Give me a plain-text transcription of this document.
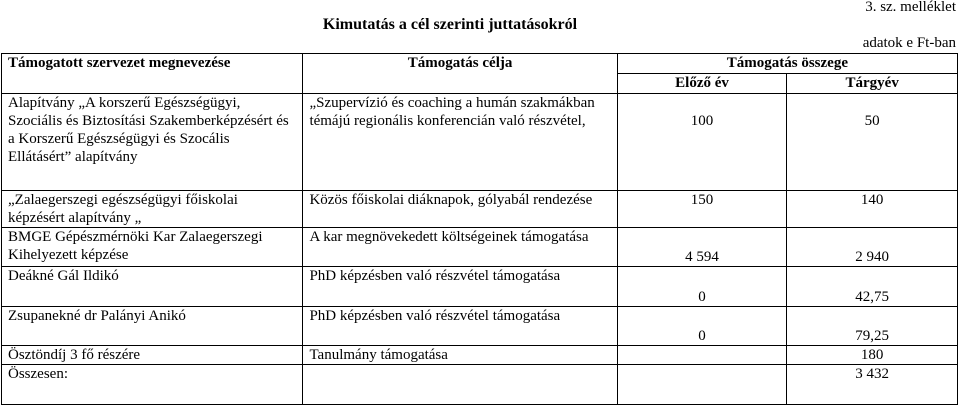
3. sz. melléklet
Kimutatás a cél szerinti juttatásokról
adatok e Ft-ban
Támogatott szervezet megnevezése	Támogatás célja	Támogatás összege	
		Előző év	Tárgyév
Alapítvány „A korszerű Egészségügyi, Szociális és Biztosítási Szakemberképzésért és a Korszerű Egészségügyi és Szocális Ellátásért” alapítvány	„Szupervízió és coaching a humán szakmákban témájú regionális konferencián való részvétel,	100	50
„Zalaegerszegi egészségügyi főiskolai képzésért alapítvány „	Közös főiskolai diáknapok, gólyabál rendezése	150	140
BMGE Gépészmérnöki Kar Zalaegerszegi Kihelyezett képzése	A kar megnövekedett költségeinek támogatása	4 594	2 940
Deákné Gál Ildikó	PhD képzésben való részvétel támogatása	0	42,75
Zsupanekné dr Palányi Anikó	PhD képzésben való részvétel támogatása	0	79,25
Ösztöndíj 3 fő részére	Tanulmány támogatása		180
Összesen:			3 432
